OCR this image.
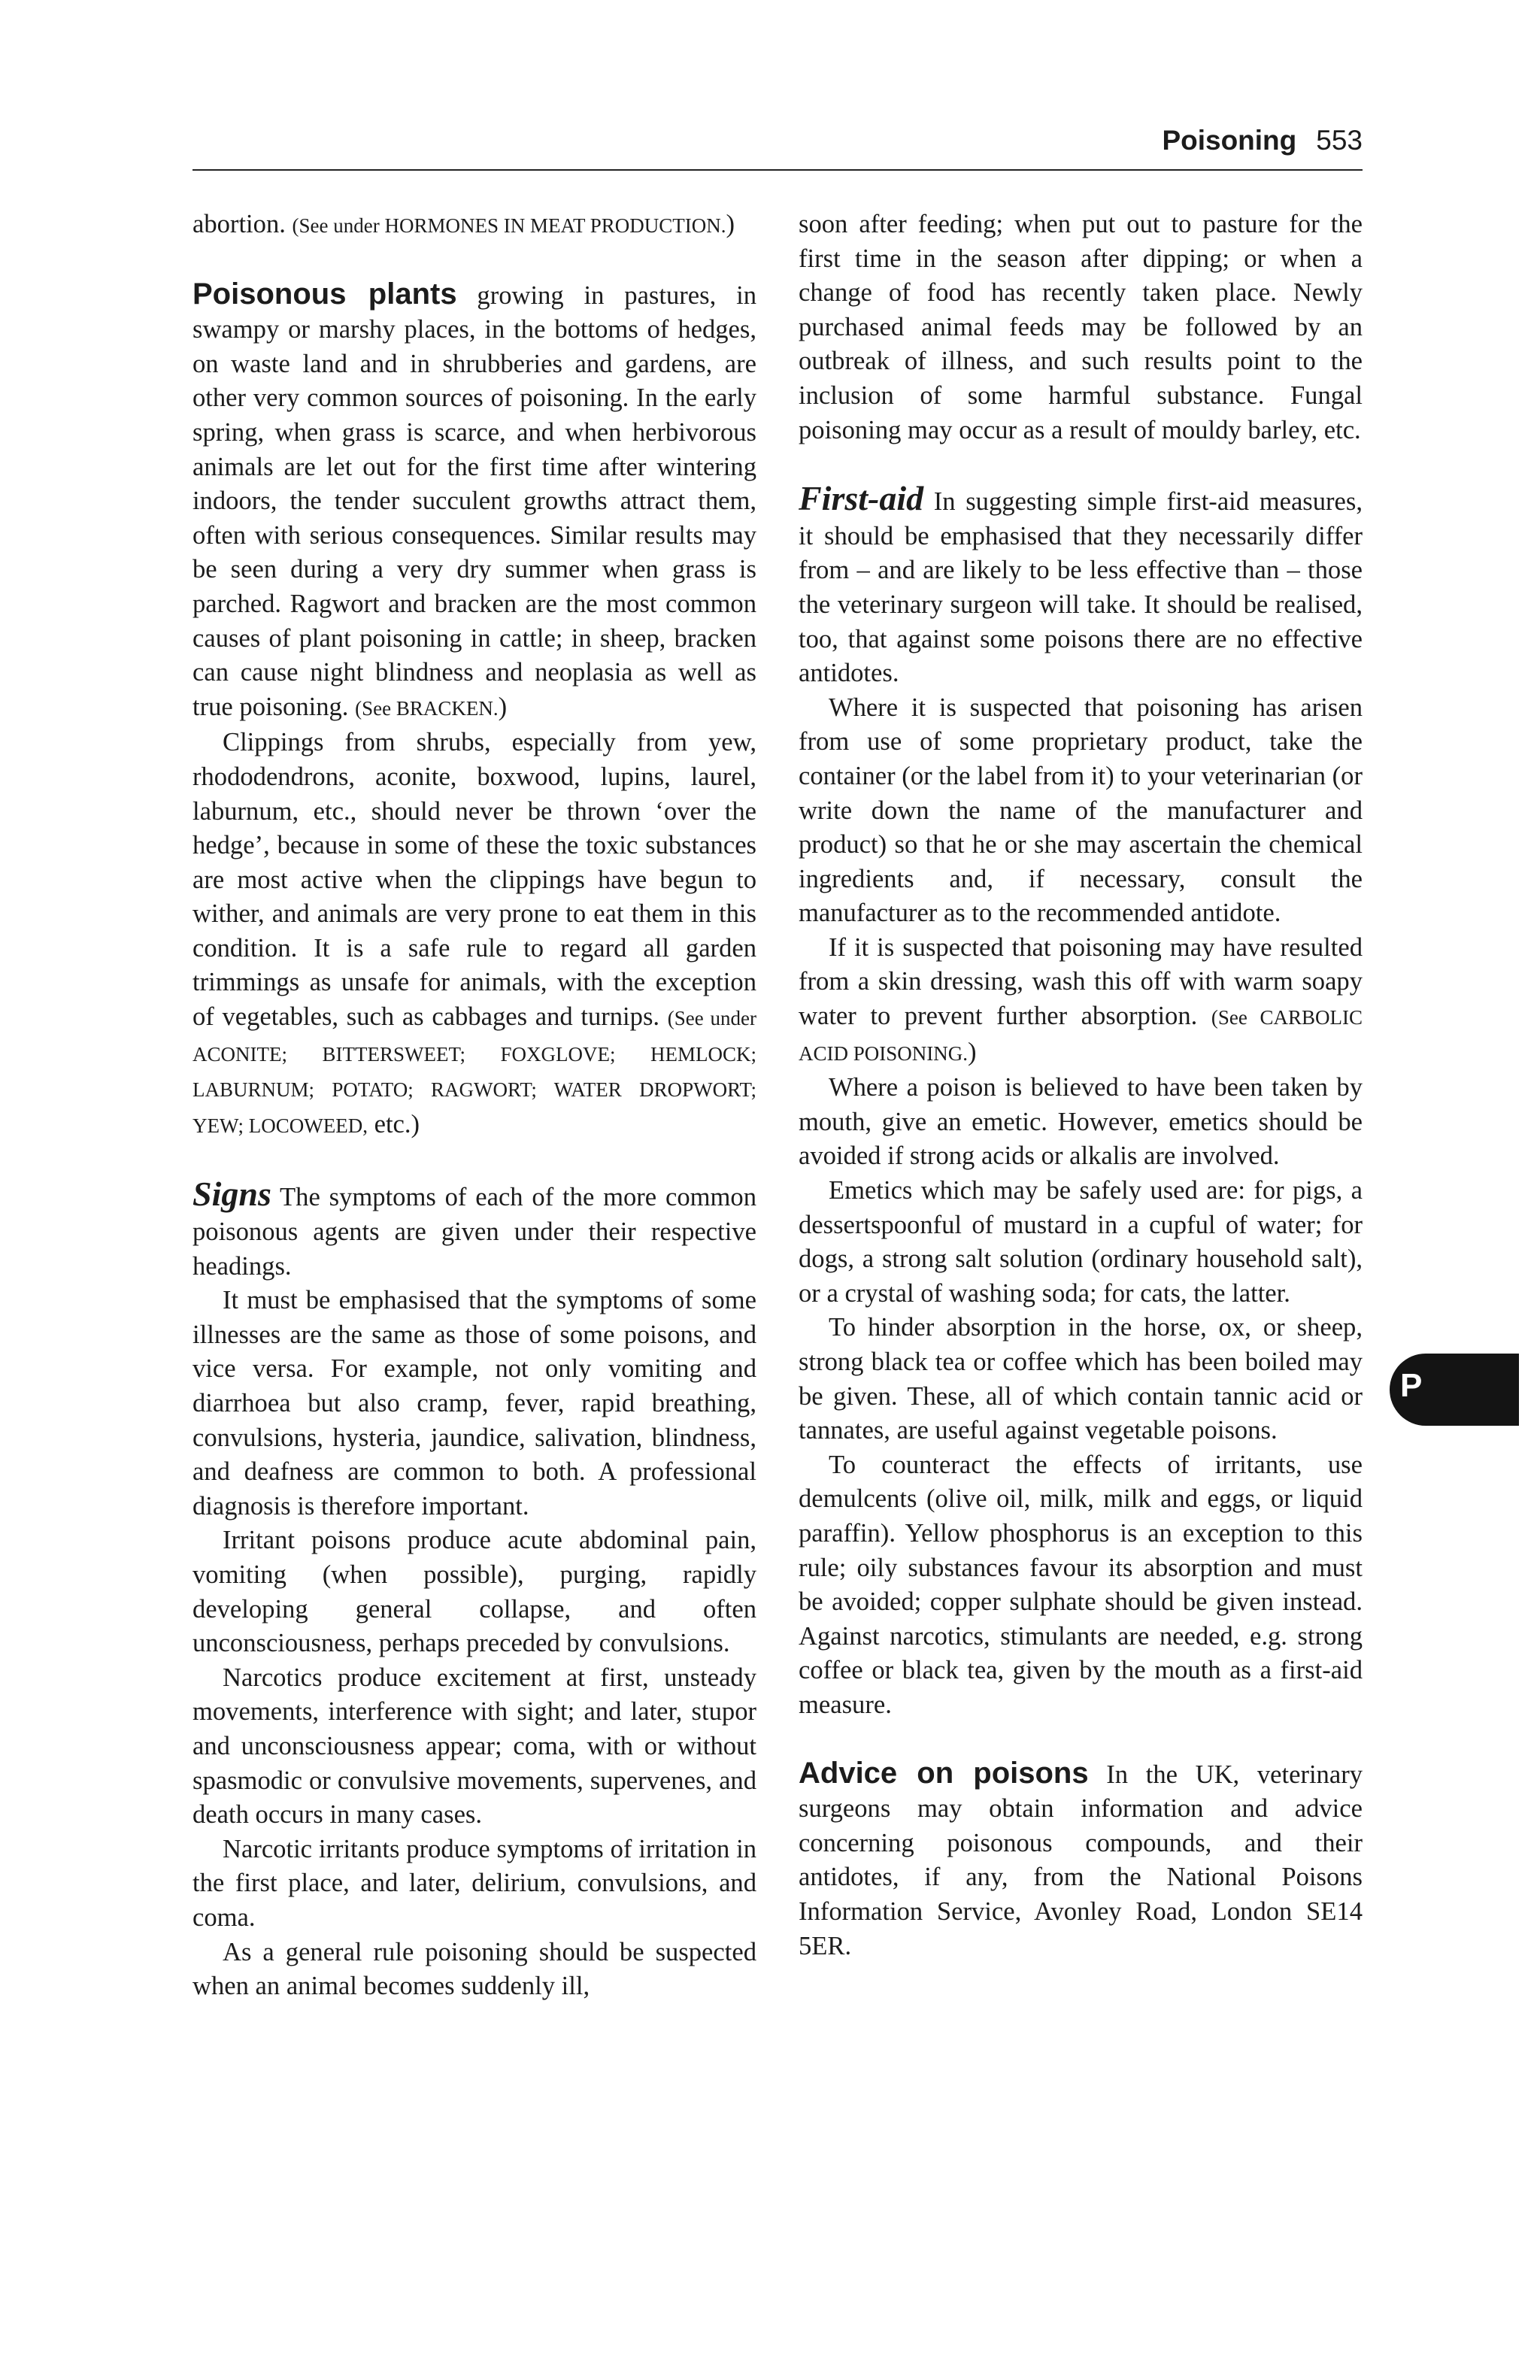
Poisoning 553

abortion. (See under HORMONES IN MEAT PRODUCTION.)

Poisonous plants growing in pastures, in swampy or marshy places, in the bottoms of hedges, on waste land and in shrubberies and gardens, are other very common sources of poisoning. In the early spring, when grass is scarce, and when herbivorous animals are let out for the first time after wintering indoors, the tender succulent growths attract them, often with serious consequences. Similar results may be seen during a very dry summer when grass is parched. Ragwort and bracken are the most common causes of plant poisoning in cattle; in sheep, bracken can cause night blindness and neoplasia as well as true poisoning. (See BRACKEN.)

Clippings from shrubs, especially from yew, rhododendrons, aconite, boxwood, lupins, laurel, laburnum, etc., should never be thrown ‘over the hedge’, because in some of these the toxic substances are most active when the clippings have begun to wither, and animals are very prone to eat them in this condition. It is a safe rule to regard all garden trimmings as unsafe for animals, with the exception of vegetables, such as cabbages and turnips. (See under ACONITE; BITTERSWEET; FOXGLOVE; HEMLOCK; LABURNUM; POTATO; RAGWORT; WATER DROPWORT; YEW; LOCOWEED, etc.)

Signs The symptoms of each of the more common poisonous agents are given under their respective headings.

It must be emphasised that the symptoms of some illnesses are the same as those of some poisons, and vice versa. For example, not only vomiting and diarrhoea but also cramp, fever, rapid breathing, convulsions, hysteria, jaundice, salivation, blindness, and deafness are common to both. A professional diagnosis is therefore important.

Irritant poisons produce acute abdominal pain, vomiting (when possible), purging, rapidly developing general collapse, and often unconsciousness, perhaps preceded by convulsions.

Narcotics produce excitement at first, unsteady movements, interference with sight; and later, stupor and unconsciousness appear; coma, with or without spasmodic or convulsive movements, supervenes, and death occurs in many cases.

Narcotic irritants produce symptoms of irritation in the first place, and later, delirium, convulsions, and coma.

As a general rule poisoning should be suspected when an animal becomes suddenly ill,

soon after feeding; when put out to pasture for the first time in the season after dipping; or when a change of food has recently taken place. Newly purchased animal feeds may be followed by an outbreak of illness, and such results point to the inclusion of some harmful substance. Fungal poisoning may occur as a result of mouldy barley, etc.

First-aid In suggesting simple first-aid measures, it should be emphasised that they necessarily differ from – and are likely to be less effective than – those the veterinary surgeon will take. It should be realised, too, that against some poisons there are no effective antidotes.

Where it is suspected that poisoning has arisen from use of some proprietary product, take the container (or the label from it) to your veterinarian (or write down the name of the manufacturer and product) so that he or she may ascertain the chemical ingredients and, if necessary, consult the manufacturer as to the recommended antidote.

If it is suspected that poisoning may have resulted from a skin dressing, wash this off with warm soapy water to prevent further absorption. (See CARBOLIC ACID POISONING.)

Where a poison is believed to have been taken by mouth, give an emetic. However, emetics should be avoided if strong acids or alkalis are involved.

Emetics which may be safely used are: for pigs, a dessertspoonful of mustard in a cupful of water; for dogs, a strong salt solution (ordinary household salt), or a crystal of washing soda; for cats, the latter.

To hinder absorption in the horse, ox, or sheep, strong black tea or coffee which has been boiled may be given. These, all of which contain tannic acid or tannates, are useful against vegetable poisons.

To counteract the effects of irritants, use demulcents (olive oil, milk, milk and eggs, or liquid paraffin). Yellow phosphorus is an exception to this rule; oily substances favour its absorption and must be avoided; copper sulphate should be given instead. Against narcotics, stimulants are needed, e.g. strong coffee or black tea, given by the mouth as a first-aid measure.

Advice on poisons In the UK, veterinary surgeons may obtain information and advice concerning poisonous compounds, and their antidotes, if any, from the National Poisons Information Service, Avonley Road, London SE14 5ER.

P
